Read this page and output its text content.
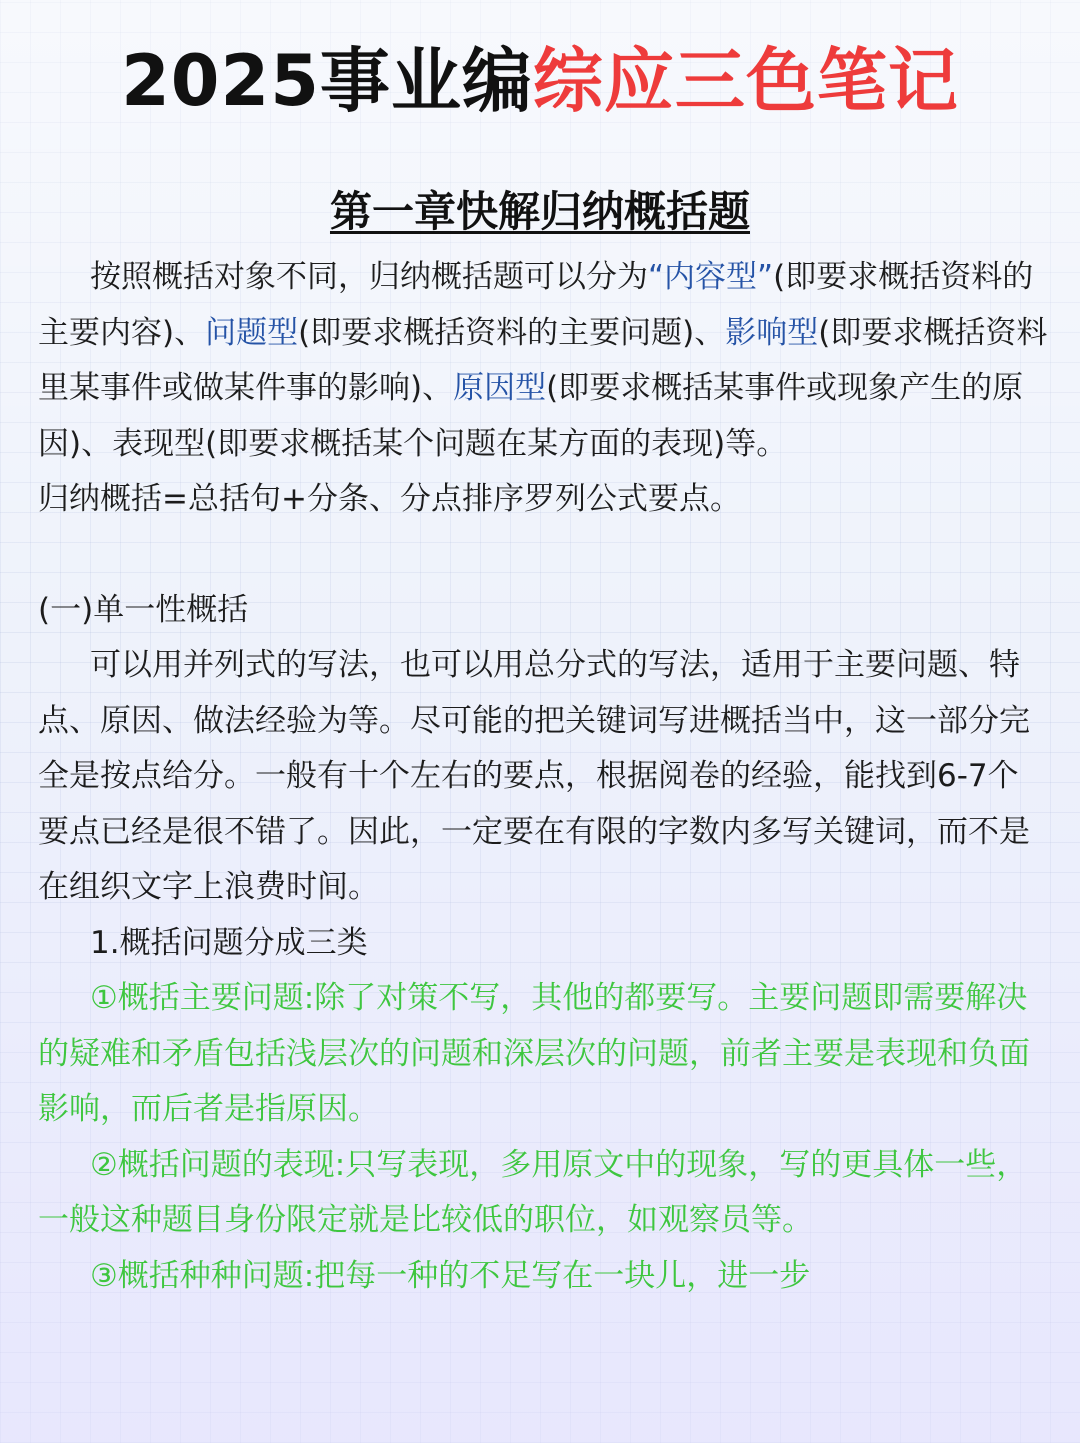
2025事业编综应三色笔记
第一章快解归纳概括题

按照概括对象不同，归纳概括题可以分为“内容型”(即要求概括资料的主要内容)、问题型(即要求概括资料的主要问题)、影响型(即要求概括资料里某事件或做某件事的影响)、原因型(即要求概括某事件或现象产生的原因)、表现型(即要求概括某个问题在某方面的表现)等。

归纳概括=总括句+分条、分点排序罗列公式要点。

(一)单一性概括

可以用并列式的写法，也可以用总分式的写法，适用于主要问题、特点、原因、做法经验为等。尽可能的把关键词写进概括当中，这一部分完全是按点给分。一般有十个左右的要点，根据阅卷的经验，能找到6-7个要点已经是很不错了。因此，一定要在有限的字数内多写关键词，而不是在组织文字上浪费时间。

1.概括问题分成三类

①概括主要问题:除了对策不写，其他的都要写。主要问题即需要解决的疑难和矛盾包括浅层次的问题和深层次的问题，前者主要是表现和负面影响，而后者是指原因。

②概括问题的表现:只写表现，多用原文中的现象，写的更具体一些，一般这种题目身份限定就是比较低的职位，如观察员等。

③概括种种问题:把每一种的不足写在一块儿，进一步
